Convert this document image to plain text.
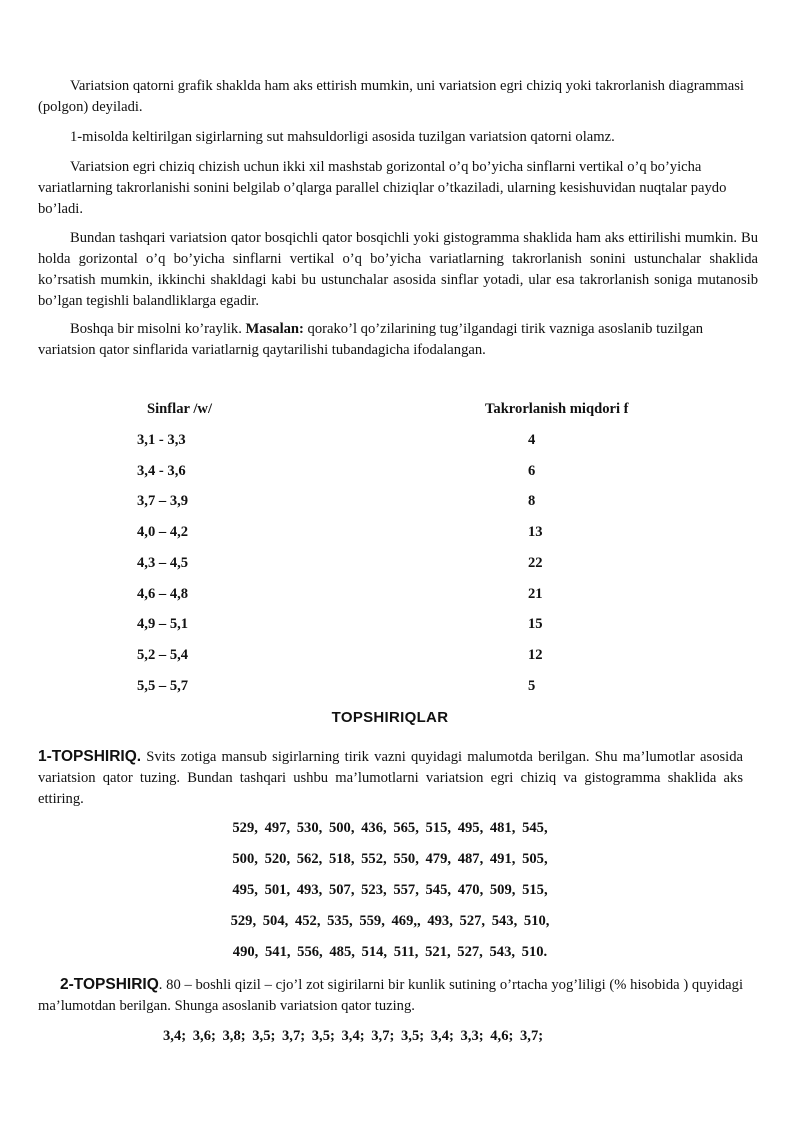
Variatsion qatorni grafik shaklda ham aks ettirish mumkin, uni variatsion egri chiziq yoki takrorlanish diagrammasi (polgon) deyiladi.

1-misolda keltirilgan sigirlarning sut mahsuldorligi asosida tuzilgan variatsion qatorni olamz.

Variatsion egri chiziq chizish uchun ikki xil mashstab gorizontal o’q bo’yicha sinflarni vertikal o’q bo’yicha variatlarning takrorlanishi sonini belgilab o’qlarga parallel chiziqlar o’tkaziladi, ularning kesishuvidan nuqtalar paydo bo’ladi.

Bundan tashqari variatsion qator bosqichli qator bosqichli yoki gistogramma shaklida ham aks ettirilishi mumkin. Bu holda gorizontal o’q bo’yicha sinflarni vertikal o’q bo’yicha variatlarning takrorlanish sonini ustunchalar shaklida ko’rsatish mumkin, ikkinchi shakldagi kabi bu ustunchalar asosida sinflar yotadi, ular esa takrorlanish soniga mutanosib bo’lgan tegishli balandliklarga egadir.

Boshqa bir misolni ko’raylik. Masalan: qorako’l qo’zilarining tug’ilgandagi tirik vazniga asoslanib tuzilgan variatsion qator sinflarida variatlarnig qaytarilishi tubandagicha ifodalangan.

Sinflar /w/	Takrorlanish miqdori f
3,1 - 3,3	4
3,4 - 3,6	6
3,7 – 3,9	8
4,0 – 4,2	13
4,3 – 4,5	22
4,6 – 4,8	21
4,9 – 5,1	15
5,2 – 5,4	12
5,5 – 5,7	5
TOPSHIRIQLAR

1-TOPSHIRIQ. Svits zotiga mansub sigirlarning tirik vazni quyidagi malumotda berilgan. Shu ma’lumotlar asosida variatsion qator tuzing. Bundan tashqari ushbu ma’lumotlarni variatsion egri chiziq va gistogramma shaklida aks ettiring.

529, 497, 530, 500, 436, 565, 515, 495, 481, 545,
500, 520, 562, 518, 552, 550, 479, 487, 491, 505,
495, 501, 493, 507, 523, 557, 545, 470, 509, 515,
529, 504, 452, 535, 559, 469,, 493, 527, 543, 510,
490, 541, 556, 485, 514, 511, 521, 527, 543, 510.

2-TOPSHIRIQ. 80 – boshli qizil – cjo’l zot sigirilarni bir kunlik sutining o’rtacha yog’liligi (% hisobida ) quyidagi ma’lumotdan berilgan. Shunga asoslanib variatsion qator tuzing.

3,4; 3,6; 3,8; 3,5; 3,7; 3,5; 3,4; 3,7; 3,5; 3,4; 3,3; 4,6; 3,7;
